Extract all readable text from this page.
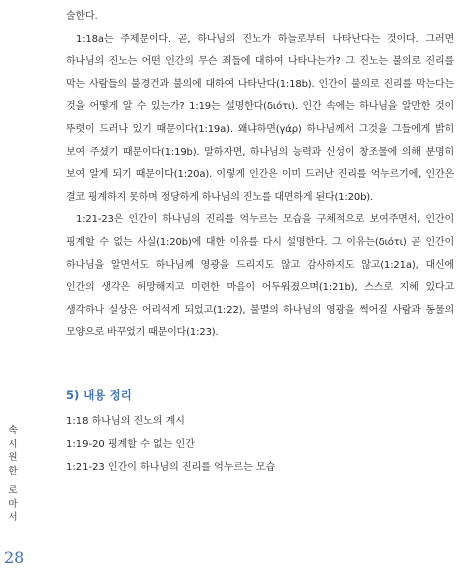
술한다.

1:18a는 주제문이다. 곧, 하나님의 진노가 하늘로부터 나타난다는 것이다. 그러면 하나님의 진노는 어떤 인간의 무슨 죄들에 대하여 나타나는가? 그 진노는 불의로 진리를 막는 사람들의 불경건과 불의에 대하여 나타난다(1:18b). 인간이 불의로 진리를 막는다는 것을 어떻게 알 수 있는가? 1:19는 설명한다(διότι). 인간 속에는 하나님을 알만한 것이 뚜렷이 드러나 있기 때문이다(1:19a). 왜냐하면(γάρ) 하나님께서 그것을 그들에게 밝히 보여 주셨기 때문이다(1:19b). 말하자면, 하나님의 능력과 신성이 창조물에 의해 분명히 보여 알게 되기 때문이다(1:20a). 이렇게 인간은 이미 드러난 진리를 억누르기에, 인간은 결코 핑계하지 못하며 정당하게 하나님의 진노를 대면하게 된다(1:20b).

1:21-23은 인간이 하나님의 진리를 억누르는 모습을 구체적으로 보여주면서, 인간이 핑계할 수 없는 사실(1:20b)에 대한 이유를 다시 설명한다. 그 이유는(διότι) 곧 인간이 하나님을 알면서도 하나님께 영광을 드리지도 않고 감사하지도 않고(1:21a), 대신에 인간의 생각은 허망해지고 미련한 마음이 어두워졌으며(1:21b), 스스로 지혜 있다고 생각하나 실상은 어리석게 되었고(1:22), 불멸의 하나님의 영광을 썩어질 사람과 동물의 모양으로 바꾸었기 때문이다(1:23).

5) 내용 정리

1:18 하나님의 진노의 계시

1:19-20 핑계할 수 없는 인간

1:21-23 인간이 하나님의 진리를 억누르는 모습

속
시
원
한
로
마
서
28
